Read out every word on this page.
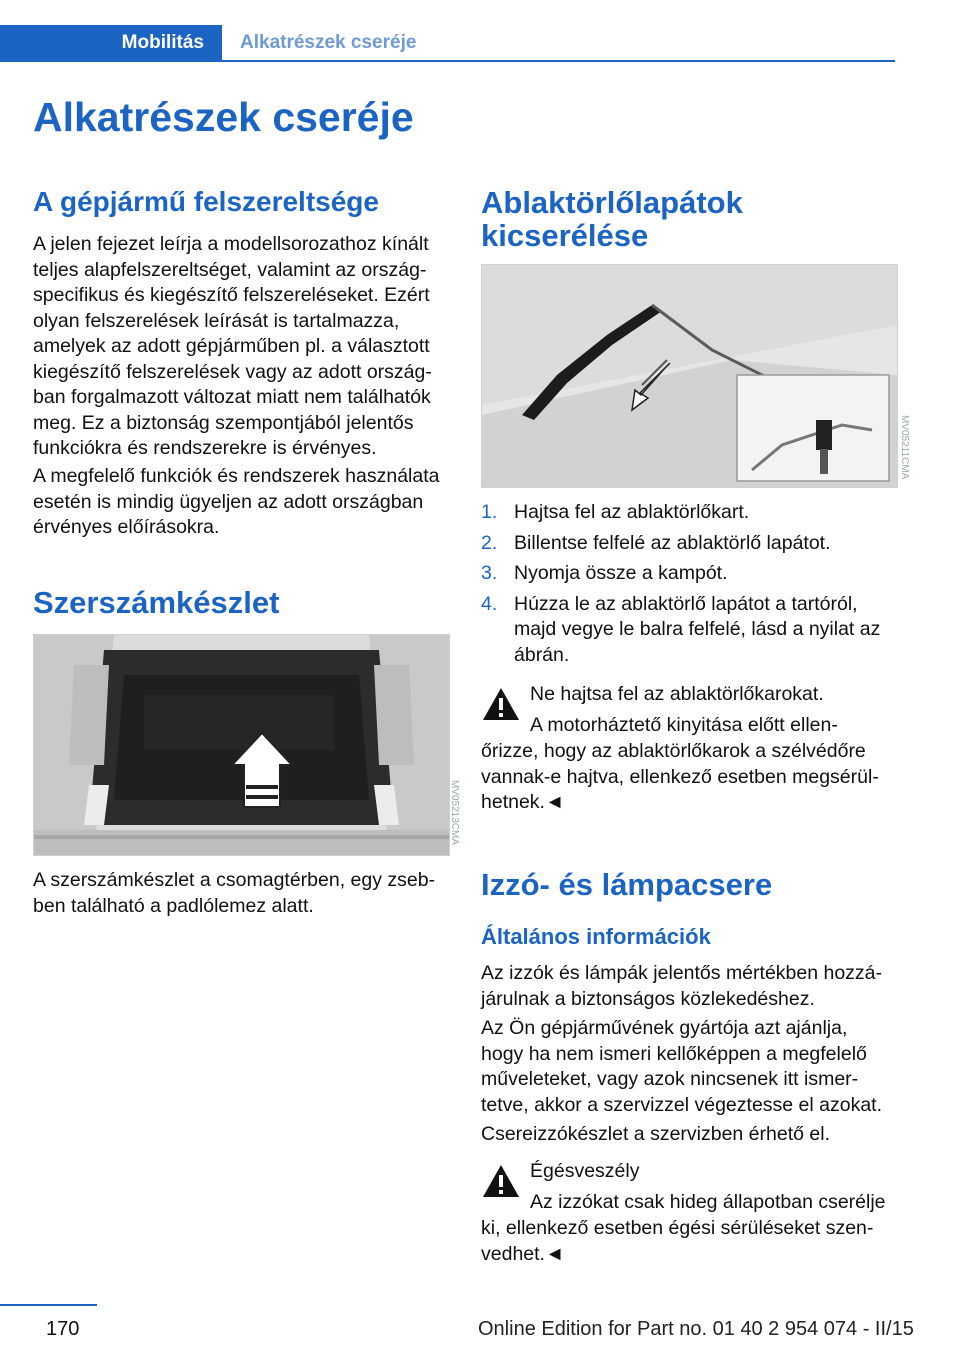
Mobilitás Alkatrészek cseréje
Alkatrészek cseréje
A gépjármű felszereltsége

A jelen fejezet leírja a modellsorozathoz kínált
teljes alapfelszereltséget, valamint az ország‐
specifikus és kiegészítő felszereléseket. Ezért
olyan felszerelések leírását is tartalmazza,
amelyek az adott gépjárműben pl. a választott
kiegészítő felszerelések vagy az adott ország‐
ban forgalmazott változat miatt nem találhatók
meg. Ez a biztonság szempontjából jelentős
funkciókra és rendszerekre is érvényes.

A megfelelő funkciók és rendszerek használata
esetén is mindig ügyeljen az adott országban
érvényes előírásokra.

Szerszámkészlet
MV05213CMA

A szerszámkészlet a csomagtérben, egy zseb‐
ben található a padlólemez alatt.

Ablaktörlőlapátok
kicserélése
MV05211CMA
1. Hajtsa fel az ablaktörlőkart.
2. Billentse felfelé az ablaktörlő lapátot.
3. Nyomja össze a kampót.
4. Húzza le az ablaktörlő lapátot a tartóról,
majd vegye le balra felfelé, lásd a nyilat az
ábrán.
Ne hajtsa fel az ablaktörlőkarokat.
A motorháztető kinyitása előtt ellen‐

őrizze, hogy az ablaktörlőkarok a szélvédőre
vannak-e hajtva, ellenkező esetben megsérül‐
hetnek.◄

Izzó- és lámpacsere
Általános információk

Az izzók és lámpák jelentős mértékben hozzá‐
járulnak a biztonságos közlekedéshez.

Az Ön gépjárművének gyártója azt ajánlja,
hogy ha nem ismeri kellőképpen a megfelelő
műveleteket, vagy azok nincsenek itt ismer‐
tetve, akkor a szervizzel végeztesse el azokat.

Csereizzókészlet a szervizben érhető el.

Égésveszély
Az izzókat csak hideg állapotban cserélje

ki, ellenkező esetben égési sérüléseket szen‐
vedhet.◄

170	Online Edition for Part no. 01 40 2 954 074 - II/15
